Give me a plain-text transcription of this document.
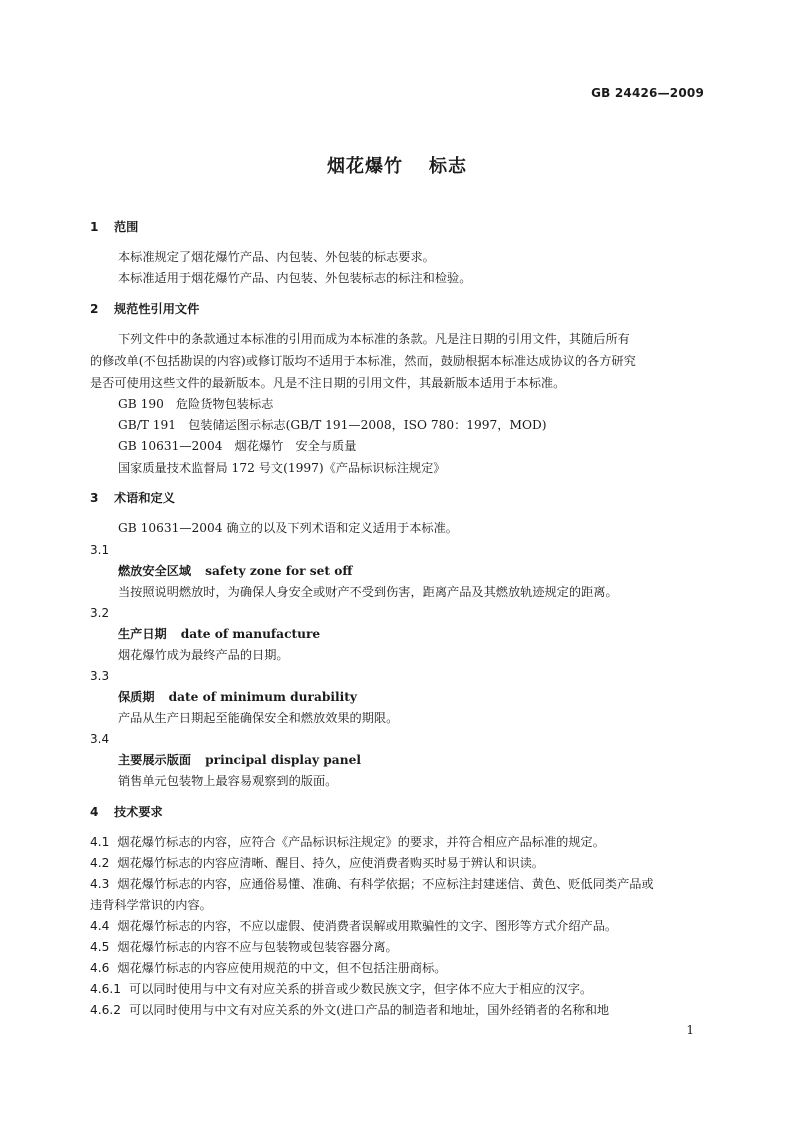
GB 24426—2009
烟花爆竹 标志
1 范围
本标准规定了烟花爆竹产品、内包装、外包装的标志要求。
本标准适用于烟花爆竹产品、内包装、外包装标志的标注和检验。
2 规范性引用文件
下列文件中的条款通过本标准的引用而成为本标准的条款。凡是注日期的引用文件，其随后所有
的修改单(不包括勘误的内容)或修订版均不适用于本标准，然而，鼓励根据本标准达成协议的各方研究
是否可使用这些文件的最新版本。凡是不注日期的引用文件，其最新版本适用于本标准。
GB 190 危险货物包装标志
GB/T 191 包装储运图示标志(GB/T 191—2008，ISO 780：1997，MOD)
GB 10631—2004 烟花爆竹　安全与质量
国家质量技术监督局 172 号文(1997)《产品标识标注规定》
3 术语和定义
GB 10631—2004 确立的以及下列术语和定义适用于本标准。
3.1
燃放安全区域 safety zone for set off
当按照说明燃放时，为确保人身安全或财产不受到伤害，距离产品及其燃放轨迹规定的距离。
3.2
生产日期 date of manufacture
烟花爆竹成为最终产品的日期。
3.3
保质期 date of minimum durability
产品从生产日期起至能确保安全和燃放效果的期限。
3.4
主要展示版面 principal display panel
销售单元包装物上最容易观察到的版面。
4 技术要求
4.1 烟花爆竹标志的内容，应符合《产品标识标注规定》的要求，并符合相应产品标准的规定。
4.2 烟花爆竹标志的内容应清晰、醒目、持久，应使消费者购买时易于辨认和识读。
4.3 烟花爆竹标志的内容，应通俗易懂、准确、有科学依据；不应标注封建迷信、黄色、贬低同类产品或
违背科学常识的内容。
4.4 烟花爆竹标志的内容，不应以虚假、使消费者误解或用欺骗性的文字、图形等方式介绍产品。
4.5 烟花爆竹标志的内容不应与包装物或包装容器分离。
4.6 烟花爆竹标志的内容应使用规范的中文，但不包括注册商标。
4.6.1 可以同时使用与中文有对应关系的拼音或少数民族文字，但字体不应大于相应的汉字。
4.6.2 可以同时使用与中文有对应关系的外文(进口产品的制造者和地址，国外经销者的名称和地
1
